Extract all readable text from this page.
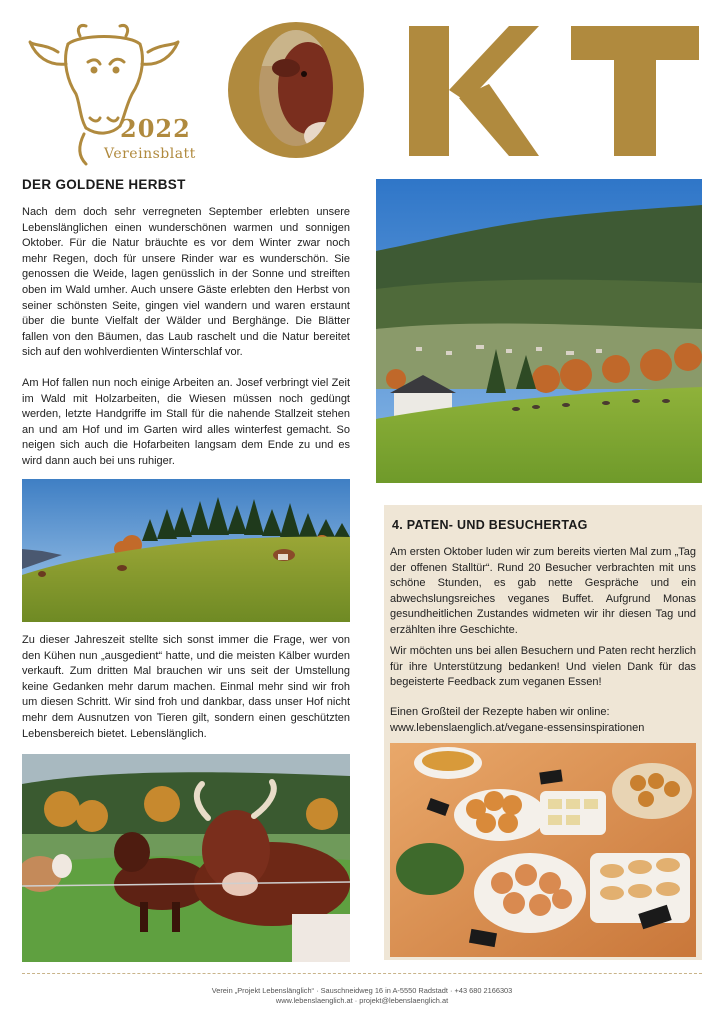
2022
Vereinsblatt
DER GOLDENE HERBST

Nach dem doch sehr verregneten September erlebten unsere Lebenslänglichen einen wunderschönen warmen und sonnigen Oktober. Für die Natur bräuchte es vor dem Winter zwar noch mehr Regen, doch für unsere Rinder war es wunderschön. Sie genossen die Weide, lagen genüsslich in der Sonne und streiften oben im Wald umher. Auch unsere Gäste erlebten den Herbst von seiner schönsten Seite, gingen viel wandern und waren erstaunt über die bunte Vielfalt der Wälder und Berghänge. Die Blätter fallen von den Bäumen, das Laub raschelt und die Natur bereitet sich auf den wohlverdienten Winterschlaf vor.

Am Hof fallen nun noch einige Arbeiten an. Josef verbringt viel Zeit im Wald mit Holzarbeiten, die Wiesen müssen noch gedüngt werden, letzte Handgriffe im Stall für die nahende Stallzeit stehen an und am Hof und im Garten wird alles winterfest gemacht. So neigen sich auch die Hofarbeiten langsam dem Ende zu und es wird dann auch bei uns ruhiger.

Zu dieser Jahreszeit stellte sich sonst immer die Frage, wer von den Kühen nun „ausgedient“ hatte, und die meisten Kälber wurden verkauft. Zum dritten Mal brauchen wir uns seit der Umstellung keine Gedanken mehr darum machen. Einmal mehr sind wir froh um diesen Schritt. Wir sind froh und dankbar, dass unser Hof nicht mehr dem Ausnutzen von Tieren gilt, sondern einen geschützten Lebensbereich bietet. Lebenslänglich.

4. PATEN- UND BESUCHERTAG

Am ersten Oktober luden wir zum bereits vierten Mal zum „Tag der offenen Stalltür“. Rund 20 Besucher verbrachten mit uns schöne Stunden, es gab nette Gespräche und ein abwechslungsreiches veganes Buffet. Aufgrund Monas gesundheitlichen Zustandes widmeten wir ihr diesen Tag und erzählten ihre Geschichte.

Wir möchten uns bei allen Besuchern und Paten recht herzlich für ihre Unterstützung bedanken! Und vielen Dank für das begeisterte Feedback zum veganen Essen!

Einen Großteil der Rezepte haben wir online:

www.lebenslaenglich.at/vegane-essensinspirationen
Verein „Projekt Lebenslänglich“ · Sauschneidweg 16 in A-5550 Radstadt · +43 680 2166303
www.lebenslaenglich.at · projekt@lebenslaenglich.at
